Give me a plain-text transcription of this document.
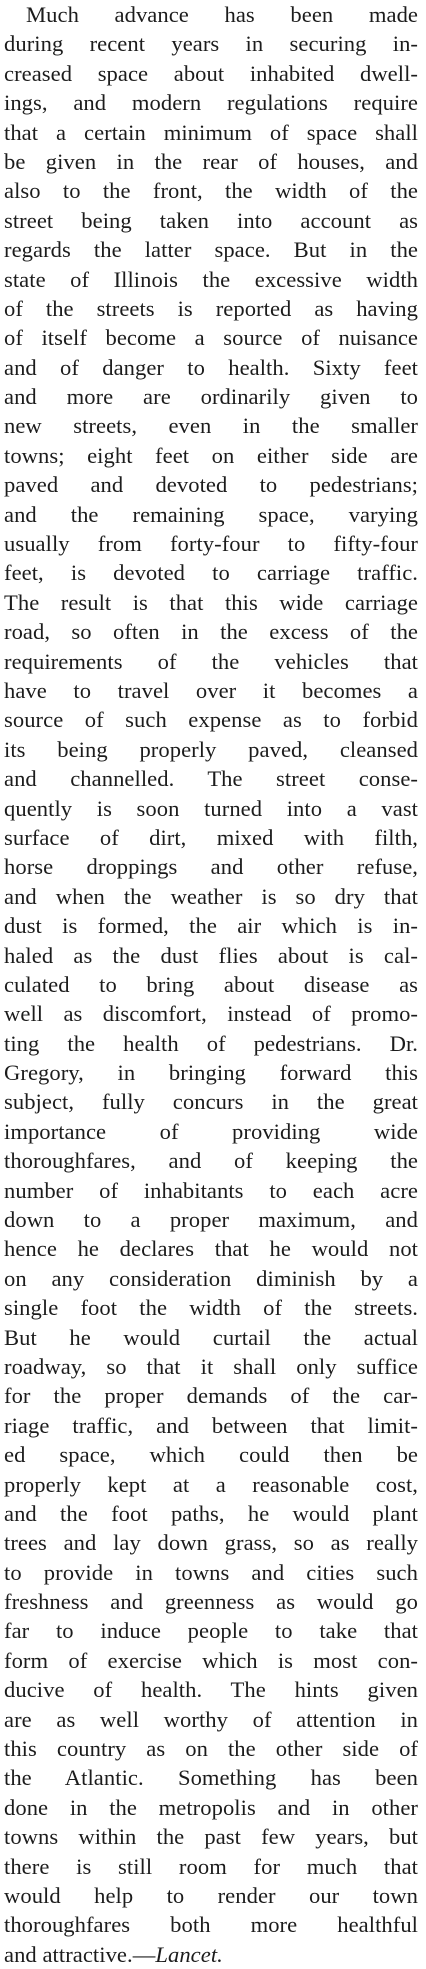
Much advance has been made
during recent years in securing in-
creased space about inhabited dwell-
ings, and modern regulations require
that a certain minimum of space shall
be given in the rear of houses, and
also to the front, the width of the
street being taken into account as
regards the latter space. But in the
state of Illinois the excessive width
of the streets is reported as having
of itself become a source of nuisance
and of danger to health. Sixty feet
and more are ordinarily given to
new streets, even in the smaller
towns; eight feet on either side are
paved and devoted to pedestrians;
and the remaining space, varying
usually from forty-four to fifty-four
feet, is devoted to carriage traffic.
The result is that this wide carriage
road, so often in the excess of the
requirements of the vehicles that
have to travel over it becomes a
source of such expense as to forbid
its being properly paved, cleansed
and channelled. The street conse-
quently is soon turned into a vast
surface of dirt, mixed with filth,
horse droppings and other refuse,
and when the weather is so dry that
dust is formed, the air which is in-
haled as the dust flies about is cal-
culated to bring about disease as
well as discomfort, instead of promo-
ting the health of pedestrians. Dr.
Gregory, in bringing forward this
subject, fully concurs in the great
importance of providing wide
thoroughfares, and of keeping the
number of inhabitants to each acre
down to a proper maximum, and
hence he declares that he would not
on any consideration diminish by a
single foot the width of the streets.
But he would curtail the actual
roadway, so that it shall only suffice
for the proper demands of the car-
riage traffic, and between that limit-
ed space, which could then be
properly kept at a reasonable cost,
and the foot paths, he would plant
trees and lay down grass, so as really
to provide in towns and cities such
freshness and greenness as would go
far to induce people to take that
form of exercise which is most con-
ducive of health. The hints given
are as well worthy of attention in
this country as on the other side of
the Atlantic. Something has been
done in the metropolis and in other
towns within the past few years, but
there is still room for much that
would help to render our town
thoroughfares both more healthful
and attractive.—Lancet.
